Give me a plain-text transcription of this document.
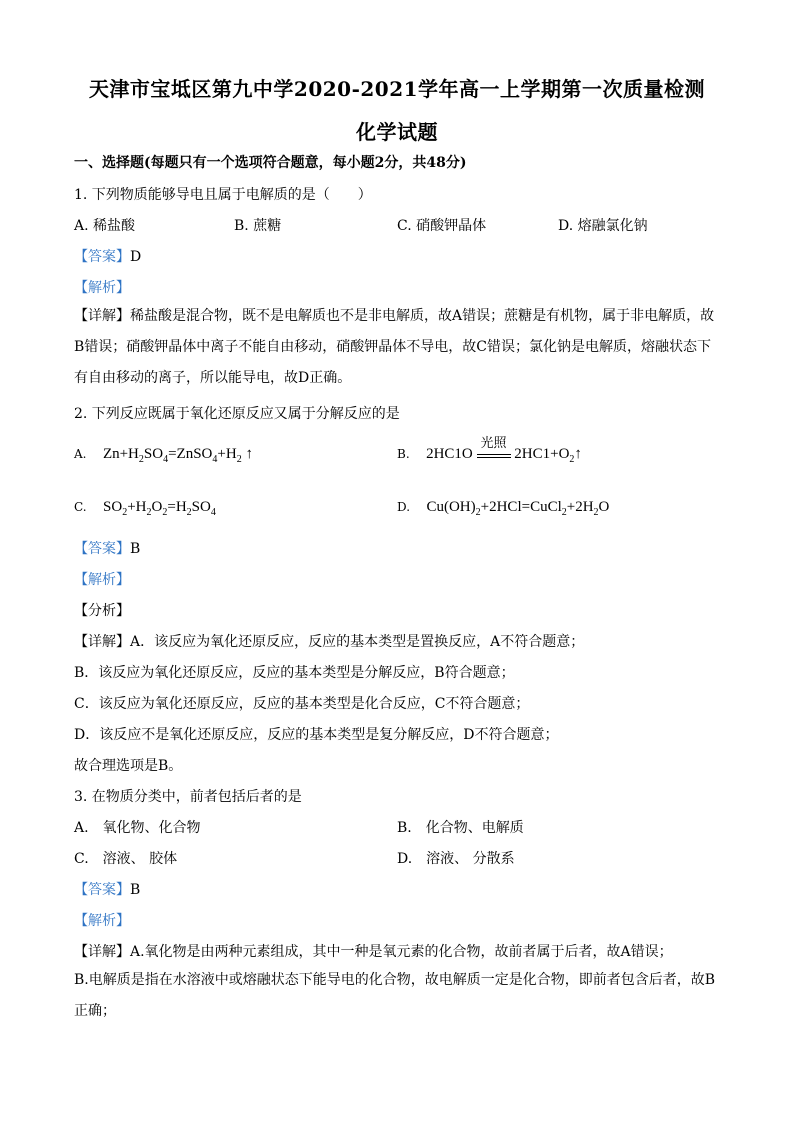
天津市宝坻区第九中学2020-2021学年高一上学期第一次质量检测
化学试题
一、选择题(每题只有一个选项符合题意，每小题2分，共48分)
1. 下列物质能够导电且属于电解质的是（　　）
A. 稀盐酸	B. 蔗糖	C. 硝酸钾晶体	D. 熔融氯化钠
【答案】D
【解析】
【详解】稀盐酸是混合物，既不是电解质也不是非电解质，故A错误；蔗糖是有机物，属于非电解质，故B错误；硝酸钾晶体中离子不能自由移动，硝酸钾晶体不导电，故C错误；氯化钠是电解质，熔融状态下有自由移动的离子，所以能导电，故D正确。
2. 下列反应既属于氧化还原反应又属于分解反应的是
A. $Zn+H_2SO_4=ZnSO_4+H_2$ ↑	B. 2HC1O
光照
$2HC1+O_2↑$
C. $SO_2+H_2O_2=H_2SO_4$	D. $Cu(OH)_2+2HCl=CuCl_2+2H_2O$
【答案】B
【解析】
【分析】
【详解】A．该反应为氧化还原反应，反应的基本类型是置换反应，A不符合题意；
B．该反应为氧化还原反应，反应的基本类型是分解反应，B符合题意；
C．该反应为氧化还原反应，反应的基本类型是化合反应，C不符合题意；
D．该反应不是氧化还原反应，反应的基本类型是复分解反应，D不符合题意；
故合理选项是B。
3. 在物质分类中，前者包括后者的是
A.　氧化物、化合物	B.　化合物、电解质
C.　溶液、 胶体	D.　溶液、 分散系
【答案】B
【解析】
【详解】A.氧化物是由两种元素组成，其中一种是氧元素的化合物，故前者属于后者，故A错误；
B.电解质是指在水溶液中或熔融状态下能导电的化合物，故电解质一定是化合物，即前者包含后者，故B正确；
